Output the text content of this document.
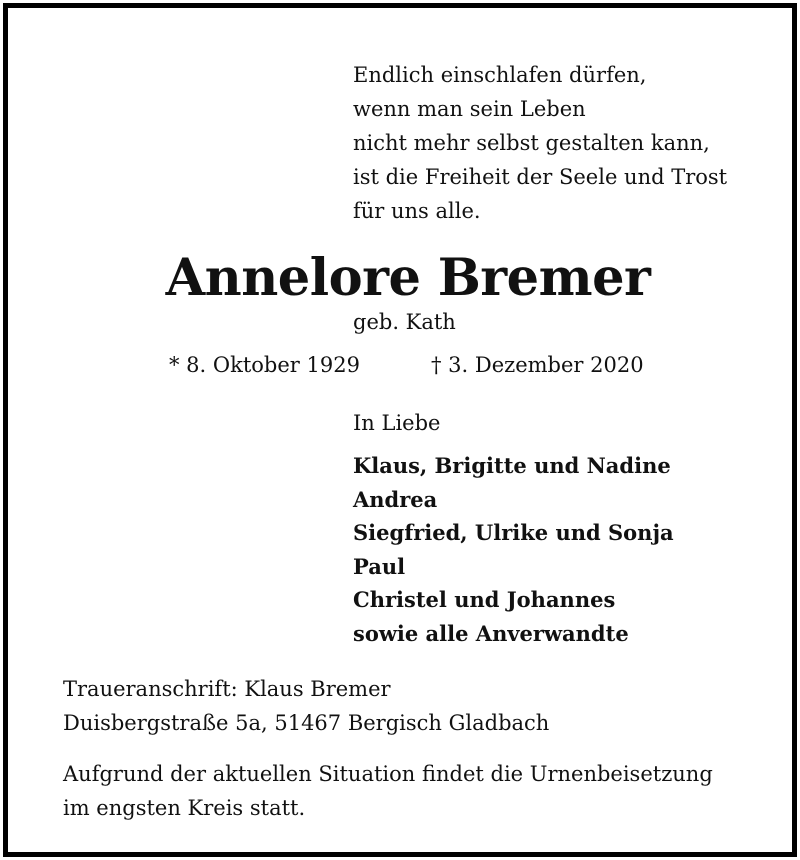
Endlich einschlafen dürfen,
wenn man sein Leben
nicht mehr selbst gestalten kann,
ist die Freiheit der Seele und Trost
für uns alle.
Annelore Bremer
geb. Kath
* 8. Oktober 1929	† 3. Dezember 2020
In Liebe
Klaus, Brigitte und Nadine
Andrea
Siegfried, Ulrike und Sonja
Paul
Christel und Johannes
sowie alle Anverwandte
Traueranschrift: Klaus Bremer
Duisbergstraße 5a, 51467 Bergisch Gladbach
Aufgrund der aktuellen Situation findet die Urnenbeisetzung
im engsten Kreis statt.
